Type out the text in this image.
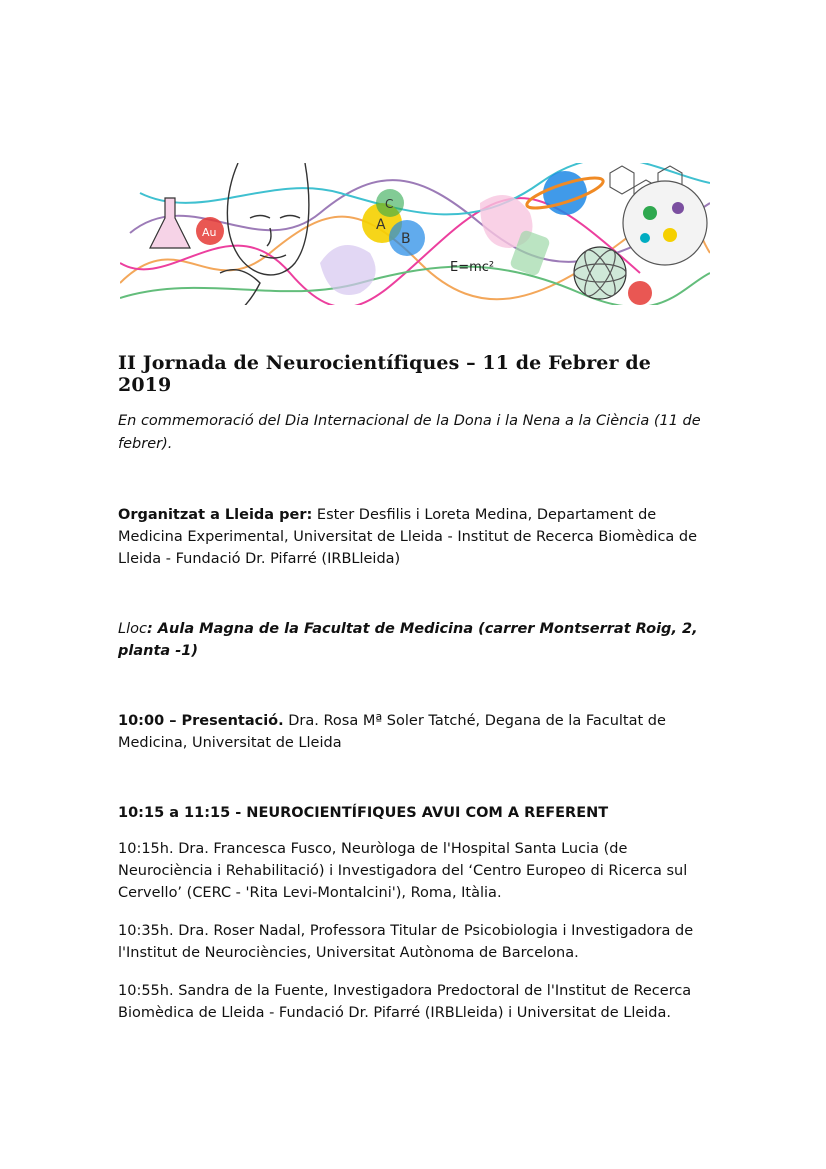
Au	A
B
C
E=mc²
II Jornada de Neurocientífiques – 11 de Febrer de 2019

En commemoració del Dia Internacional de la Dona i la Nena a la Ciència (11 de febrer).

Organitzat a Lleida per: Ester Desfilis i Loreta Medina, Departament de Medicina Experimental, Universitat de Lleida - Institut de Recerca Biomèdica de Lleida - Fundació Dr. Pifarré (IRBLleida)

Lloc: Aula Magna de la Facultat de Medicina (carrer Montserrat Roig, 2, planta -1)

10:00 – Presentació. Dra. Rosa Mª Soler Tatché, Degana de la Facultat de Medicina, Universitat de Lleida

10:15 a 11:15 - NEUROCIENTÍFIQUES AVUI COM A REFERENT

10:15h. Dra. Francesca Fusco, Neuròloga de l'Hospital Santa Lucia (de Neurociència i Rehabilitació) i Investigadora del ‘Centro Europeo di Ricerca sul Cervello’ (CERC - 'Rita Levi-Montalcini'), Roma, Itàlia.

10:35h. Dra. Roser Nadal, Professora Titular de Psicobiologia i Investigadora de l'Institut de Neurociències, Universitat Autònoma de Barcelona.

10:55h. Sandra de la Fuente, Investigadora Predoctoral de l'Institut de Recerca Biomèdica de Lleida - Fundació Dr. Pifarré (IRBLleida) i Universitat de Lleida.
